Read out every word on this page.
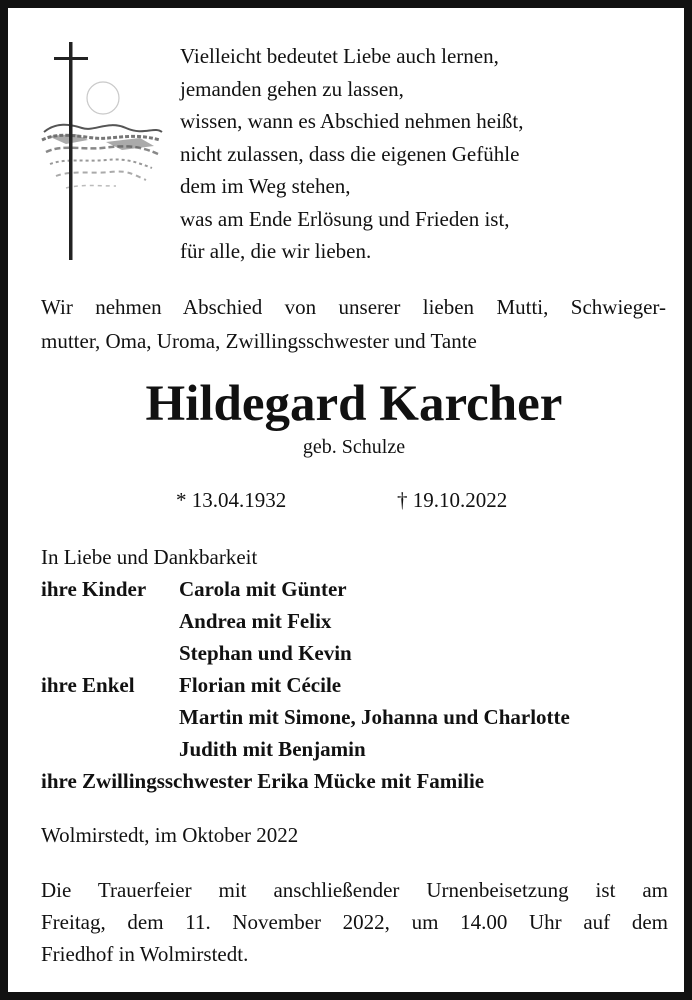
Vielleicht bedeutet Liebe auch lernen,
jemanden gehen zu lassen,
wissen, wann es Abschied nehmen heißt,
nicht zulassen, dass die eigenen Gefühle
dem im Weg stehen,
was am Ende Erlösung und Frieden ist,
für alle, die wir lieben.
Wir nehmen Abschied von unserer lieben Mutti, Schwieger-
mutter, Oma, Uroma, Zwillingsschwester und Tante
Hildegard Karcher
geb. Schulze
* 13.04.1932	† 19.10.2022
In Liebe und Dankbarkeit
ihre Kinder Carola mit Günter
Andrea mit Felix
Stephan und Kevin
ihre Enkel Florian mit Cécile
Martin mit Simone, Johanna und Charlotte
Judith mit Benjamin
ihre Zwillingsschwester Erika Mücke mit Familie
Wolmirstedt, im Oktober 2022
Die Trauerfeier mit anschließender Urnenbeisetzung ist am
Freitag, dem 11. November 2022, um 14.00 Uhr auf dem
Friedhof in Wolmirstedt.
